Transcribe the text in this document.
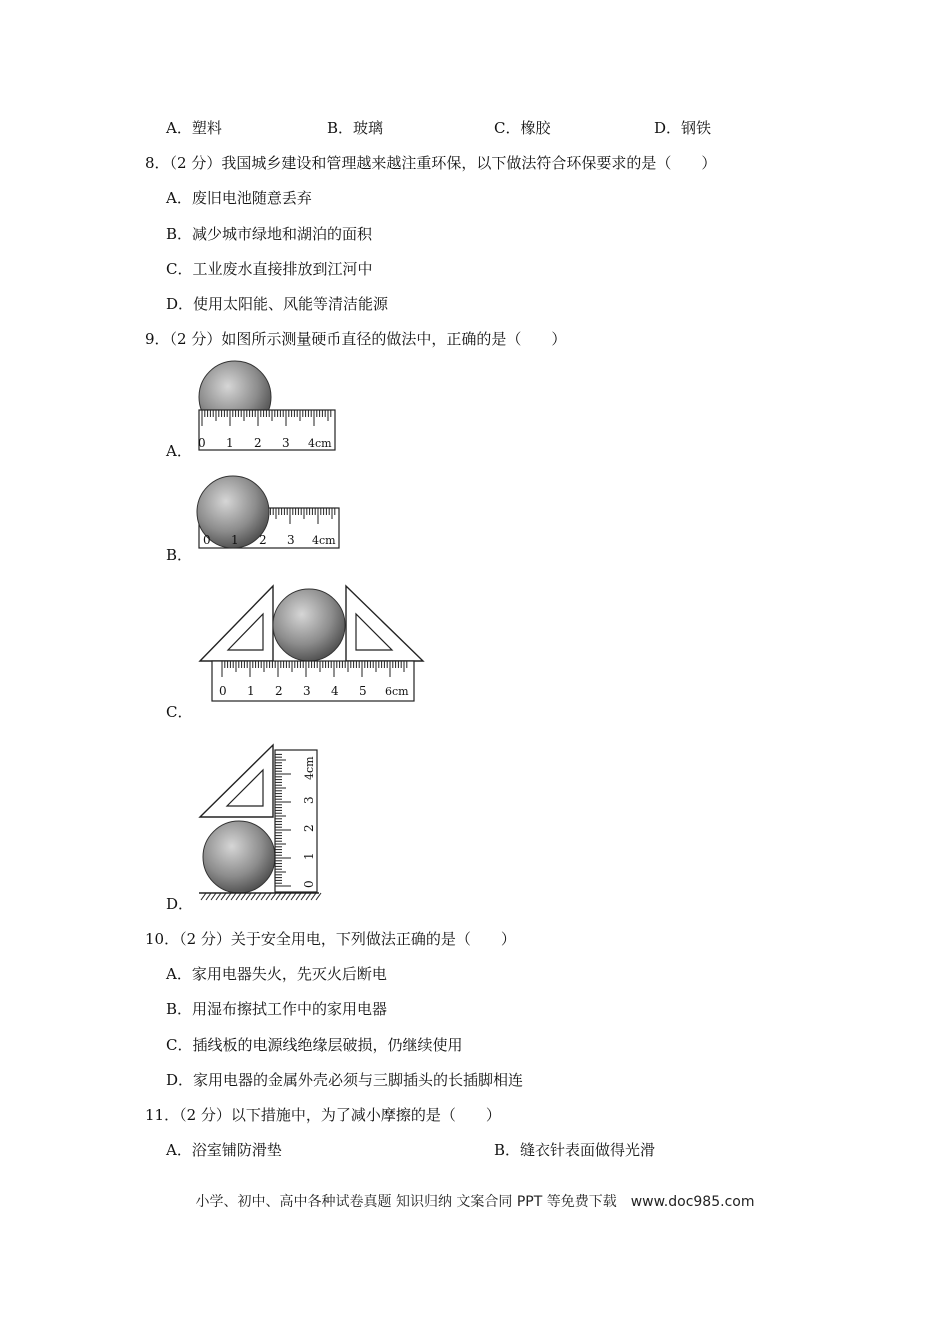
A．塑料	B．玻璃	C．橡胶	D．钢铁
8．（2 分）我国城乡建设和管理越来越注重环保，以下做法符合环保要求的是（　　）
A．废旧电池随意丢弃
B．减少城市绿地和湖泊的面积
C．工业废水直接排放到江河中
D．使用太阳能、风能等清洁能源
9．（2 分）如图所示测量硬币直径的做法中，正确的是（　　）
A． 0 1 2 3 4cm
B．
0 1 2 3 4cm
C．
0 1 2 3 4 5 6cm
D．
0
1
2
3
4cm
10．（2 分）关于安全用电，下列做法正确的是（　　）
A．家用电器失火，先灭火后断电
B．用湿布擦拭工作中的家用电器
C．插线板的电源线绝缘层破损，仍继续使用
D．家用电器的金属外壳必须与三脚插头的长插脚相连
11．（2 分）以下措施中，为了减小摩擦的是（　　）
A．浴室铺防滑垫	B．缝衣针表面做得光滑
小学、初中、高中各种试卷真题 知识归纳 文案合同 PPT 等免费下载　www.doc985.com
